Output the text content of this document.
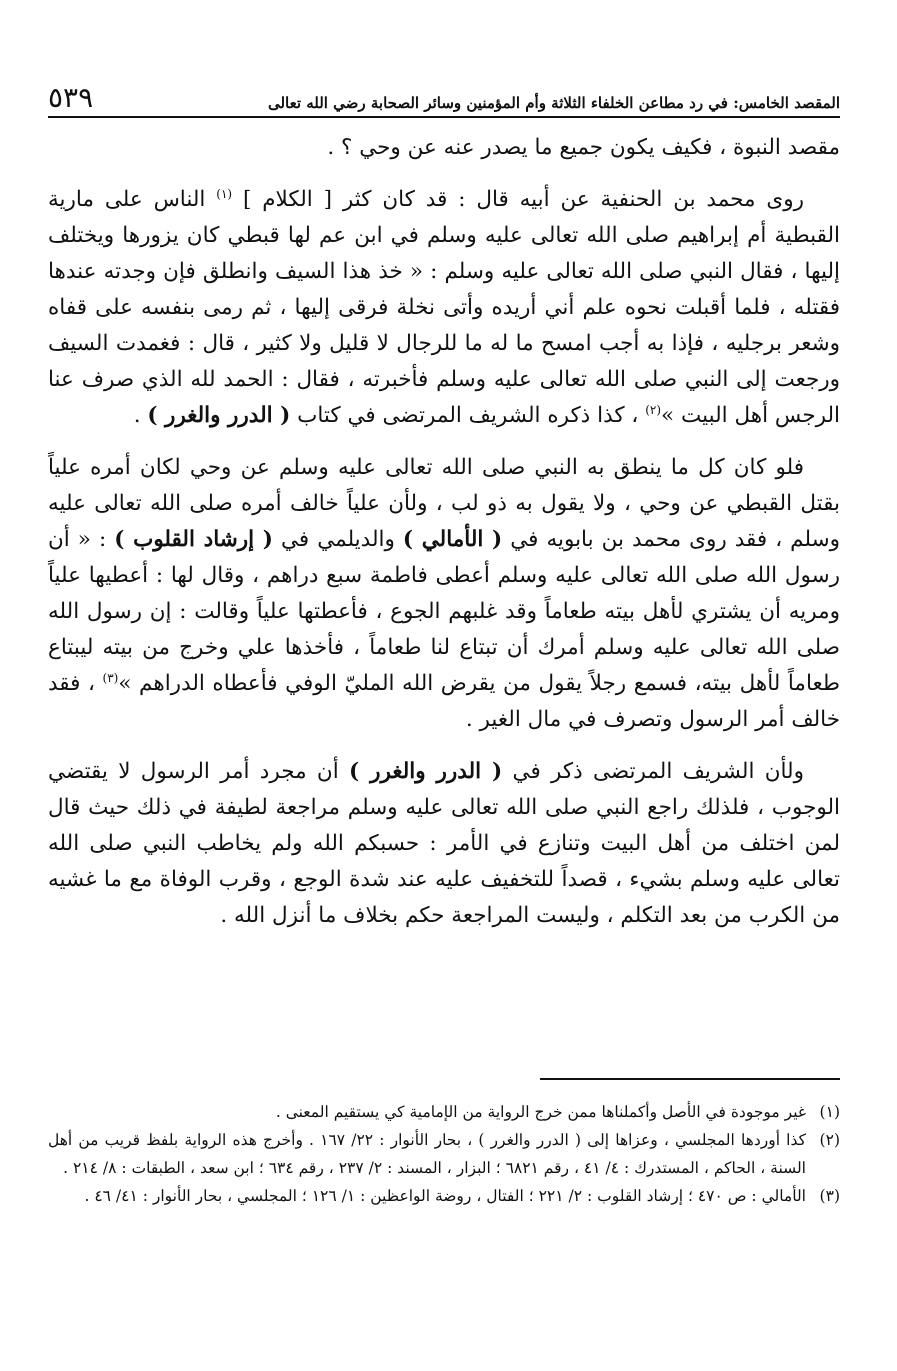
المقصد الخامس: في رد مطاعن الخلفاء الثلاثة وأم المؤمنين وسائر الصحابة رضي الله تعالى
٥٣٩

مقصد النبوة ، فكيف يكون جميع ما يصدر عنه عن وحي ؟ .

روى محمد بن الحنفية عن أبيه قال : قد كان كثر [ الكلام ] $^{(١)}$ الناس على مارية القبطية أم إبراهيم صلى الله تعالى عليه وسلم في ابن عم لها قبطي كان يزورها ويختلف إليها ، فقال النبي صلى الله تعالى عليه وسلم : « خذ هذا السيف وانطلق فإن وجدته عندها فقتله ، فلما أقبلت نحوه علم أني أريده وأتى نخلة فرقى إليها ، ثم رمى بنفسه على قفاه وشعر برجليه ، فإذا به أجب امسح ما له ما للرجال لا قليل ولا كثير ، قال : فغمدت السيف ورجعت إلى النبي صلى الله تعالى عليه وسلم فأخبرته ، فقال : الحمد لله الذي صرف عنا الرجس أهل البيت »$^{(٢)}$ ، كذا ذكره الشريف المرتضى في كتاب ( الدرر والغرر ) .

فلو كان كل ما ينطق به النبي صلى الله تعالى عليه وسلم عن وحي لكان أمره علياً بقتل القبطي عن وحي ، ولا يقول به ذو لب ، ولأن علياً خالف أمره صلى الله تعالى عليه وسلم ، فقد روى محمد بن بابويه في ( الأمالي ) والديلمي في ( إرشاد القلوب ) : « أن رسول الله صلى الله تعالى عليه وسلم أعطى فاطمة سبع دراهم ، وقال لها : أعطيها علياً ومريه أن يشتري لأهل بيته طعاماً وقد غلبهم الجوع ، فأعطتها علياً وقالت : إن رسول الله صلى الله تعالى عليه وسلم أمرك أن تبتاع لنا طعاماً ، فأخذها علي وخرج من بيته ليبتاع طعاماً لأهل بيته، فسمع رجلاً يقول من يقرض الله المليّ الوفي فأعطاه الدراهم »$^{(٣)}$ ، فقد خالف أمر الرسول وتصرف في مال الغير .

ولأن الشريف المرتضى ذكر في ( الدرر والغرر ) أن مجرد أمر الرسول لا يقتضي الوجوب ، فلذلك راجع النبي صلى الله تعالى عليه وسلم مراجعة لطيفة في ذلك حيث قال لمن اختلف من أهل البيت وتنازع في الأمر : حسبكم الله ولم يخاطب النبي صلى الله تعالى عليه وسلم بشيء ، قصداً للتخفيف عليه عند شدة الوجع ، وقرب الوفاة مع ما غشيه من الكرب من بعد التكلم ، وليست المراجعة حكم بخلاف ما أنزل الله .

(١)
غير موجودة في الأصل وأكملناها ممن خرج الرواية من الإمامية كي يستقيم المعنى .
(٢)
كذا أوردها المجلسي ، وعزاها إلى ( الدرر والغرر ) ، بحار الأنوار : ٢٢/ ١٦٧ . وأخرج هذه الرواية بلفظ قريب من أهل السنة ، الحاكم ، المستدرك : ٤/ ٤١ ، رقم ٦٨٢١ ؛ البزار ، المسند : ٢/ ٢٣٧ ، رقم ٦٣٤ ؛ ابن سعد ، الطبقات : ٨/ ٢١٤ .
(٣)
الأمالي : ص ٤٧٠ ؛ إرشاد القلوب : ٢/ ٢٢١ ؛ الفتال ، روضة الواعظين : ١/ ١٢٦ ؛ المجلسي ، بحار الأنوار : ٤١/ ٤٦ .
